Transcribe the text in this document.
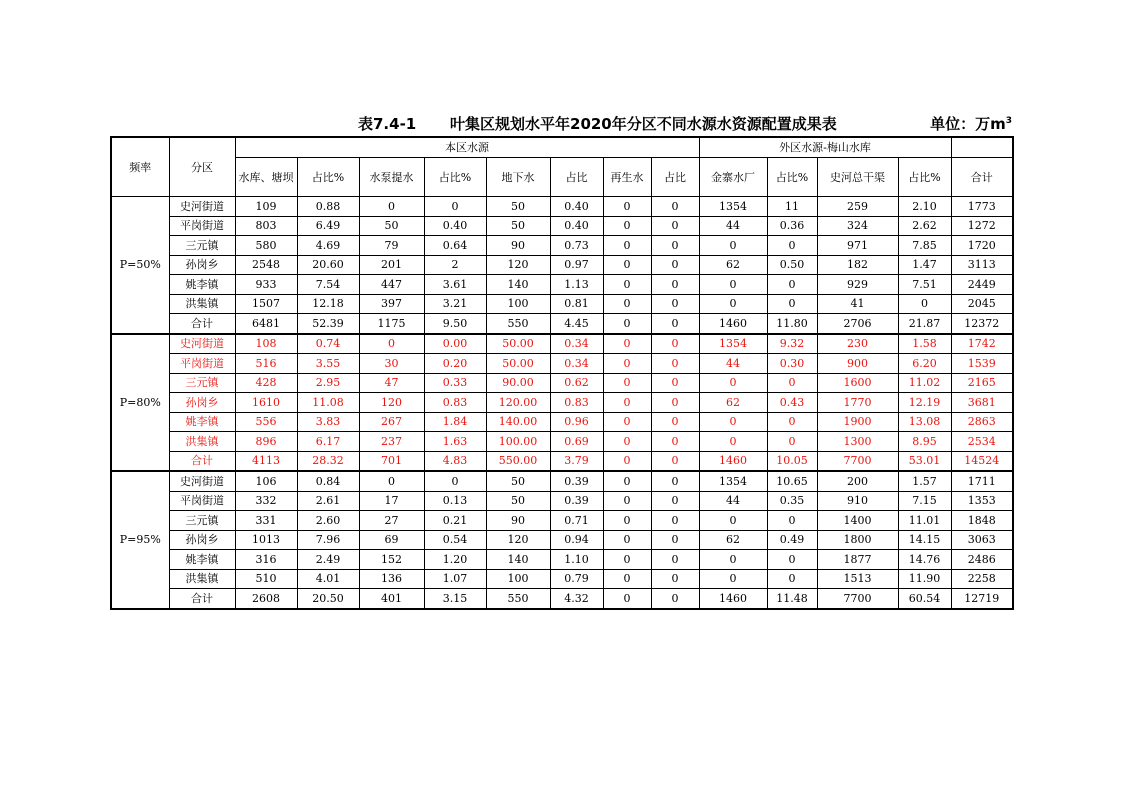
表7.4-1 叶集区规划水平年2020年分区不同水源水资源配置成果表	单位：万$m^3$
频率	分区	本区水源								外区水源-梅山水库				
		水库、塘坝	占比%	水泵提水	占比%	地下水	占比	再生水	占比	金寨水厂	占比%	史河总干渠	占比%	合计
P=50%	史河街道	109	0.88	0	0	50	0.40	0	0	1354	11	259	2.10	1773
	平岗街道	803	6.49	50	0.40	50	0.40	0	0	44	0.36	324	2.62	1272
	三元镇	580	4.69	79	0.64	90	0.73	0	0	0	0	971	7.85	1720
	孙岗乡	2548	20.60	201	2	120	0.97	0	0	62	0.50	182	1.47	3113
	姚李镇	933	7.54	447	3.61	140	1.13	0	0	0	0	929	7.51	2449
	洪集镇	1507	12.18	397	3.21	100	0.81	0	0	0	0	41	0	2045
	合计	6481	52.39	1175	9.50	550	4.45	0	0	1460	11.80	2706	21.87	12372
P=80%	史河街道	108	0.74	0	0.00	50.00	0.34	0	0	1354	9.32	230	1.58	1742
	平岗街道	516	3.55	30	0.20	50.00	0.34	0	0	44	0.30	900	6.20	1539
	三元镇	428	2.95	47	0.33	90.00	0.62	0	0	0	0	1600	11.02	2165
	孙岗乡	1610	11.08	120	0.83	120.00	0.83	0	0	62	0.43	1770	12.19	3681
	姚李镇	556	3.83	267	1.84	140.00	0.96	0	0	0	0	1900	13.08	2863
	洪集镇	896	6.17	237	1.63	100.00	0.69	0	0	0	0	1300	8.95	2534
	合计	4113	28.32	701	4.83	550.00	3.79	0	0	1460	10.05	7700	53.01	14524
P=95%	史河街道	106	0.84	0	0	50	0.39	0	0	1354	10.65	200	1.57	1711
	平岗街道	332	2.61	17	0.13	50	0.39	0	0	44	0.35	910	7.15	1353
	三元镇	331	2.60	27	0.21	90	0.71	0	0	0	0	1400	11.01	1848
	孙岗乡	1013	7.96	69	0.54	120	0.94	0	0	62	0.49	1800	14.15	3063
	姚李镇	316	2.49	152	1.20	140	1.10	0	0	0	0	1877	14.76	2486
	洪集镇	510	4.01	136	1.07	100	0.79	0	0	0	0	1513	11.90	2258
	合计	2608	20.50	401	3.15	550	4.32	0	0	1460	11.48	7700	60.54	12719
